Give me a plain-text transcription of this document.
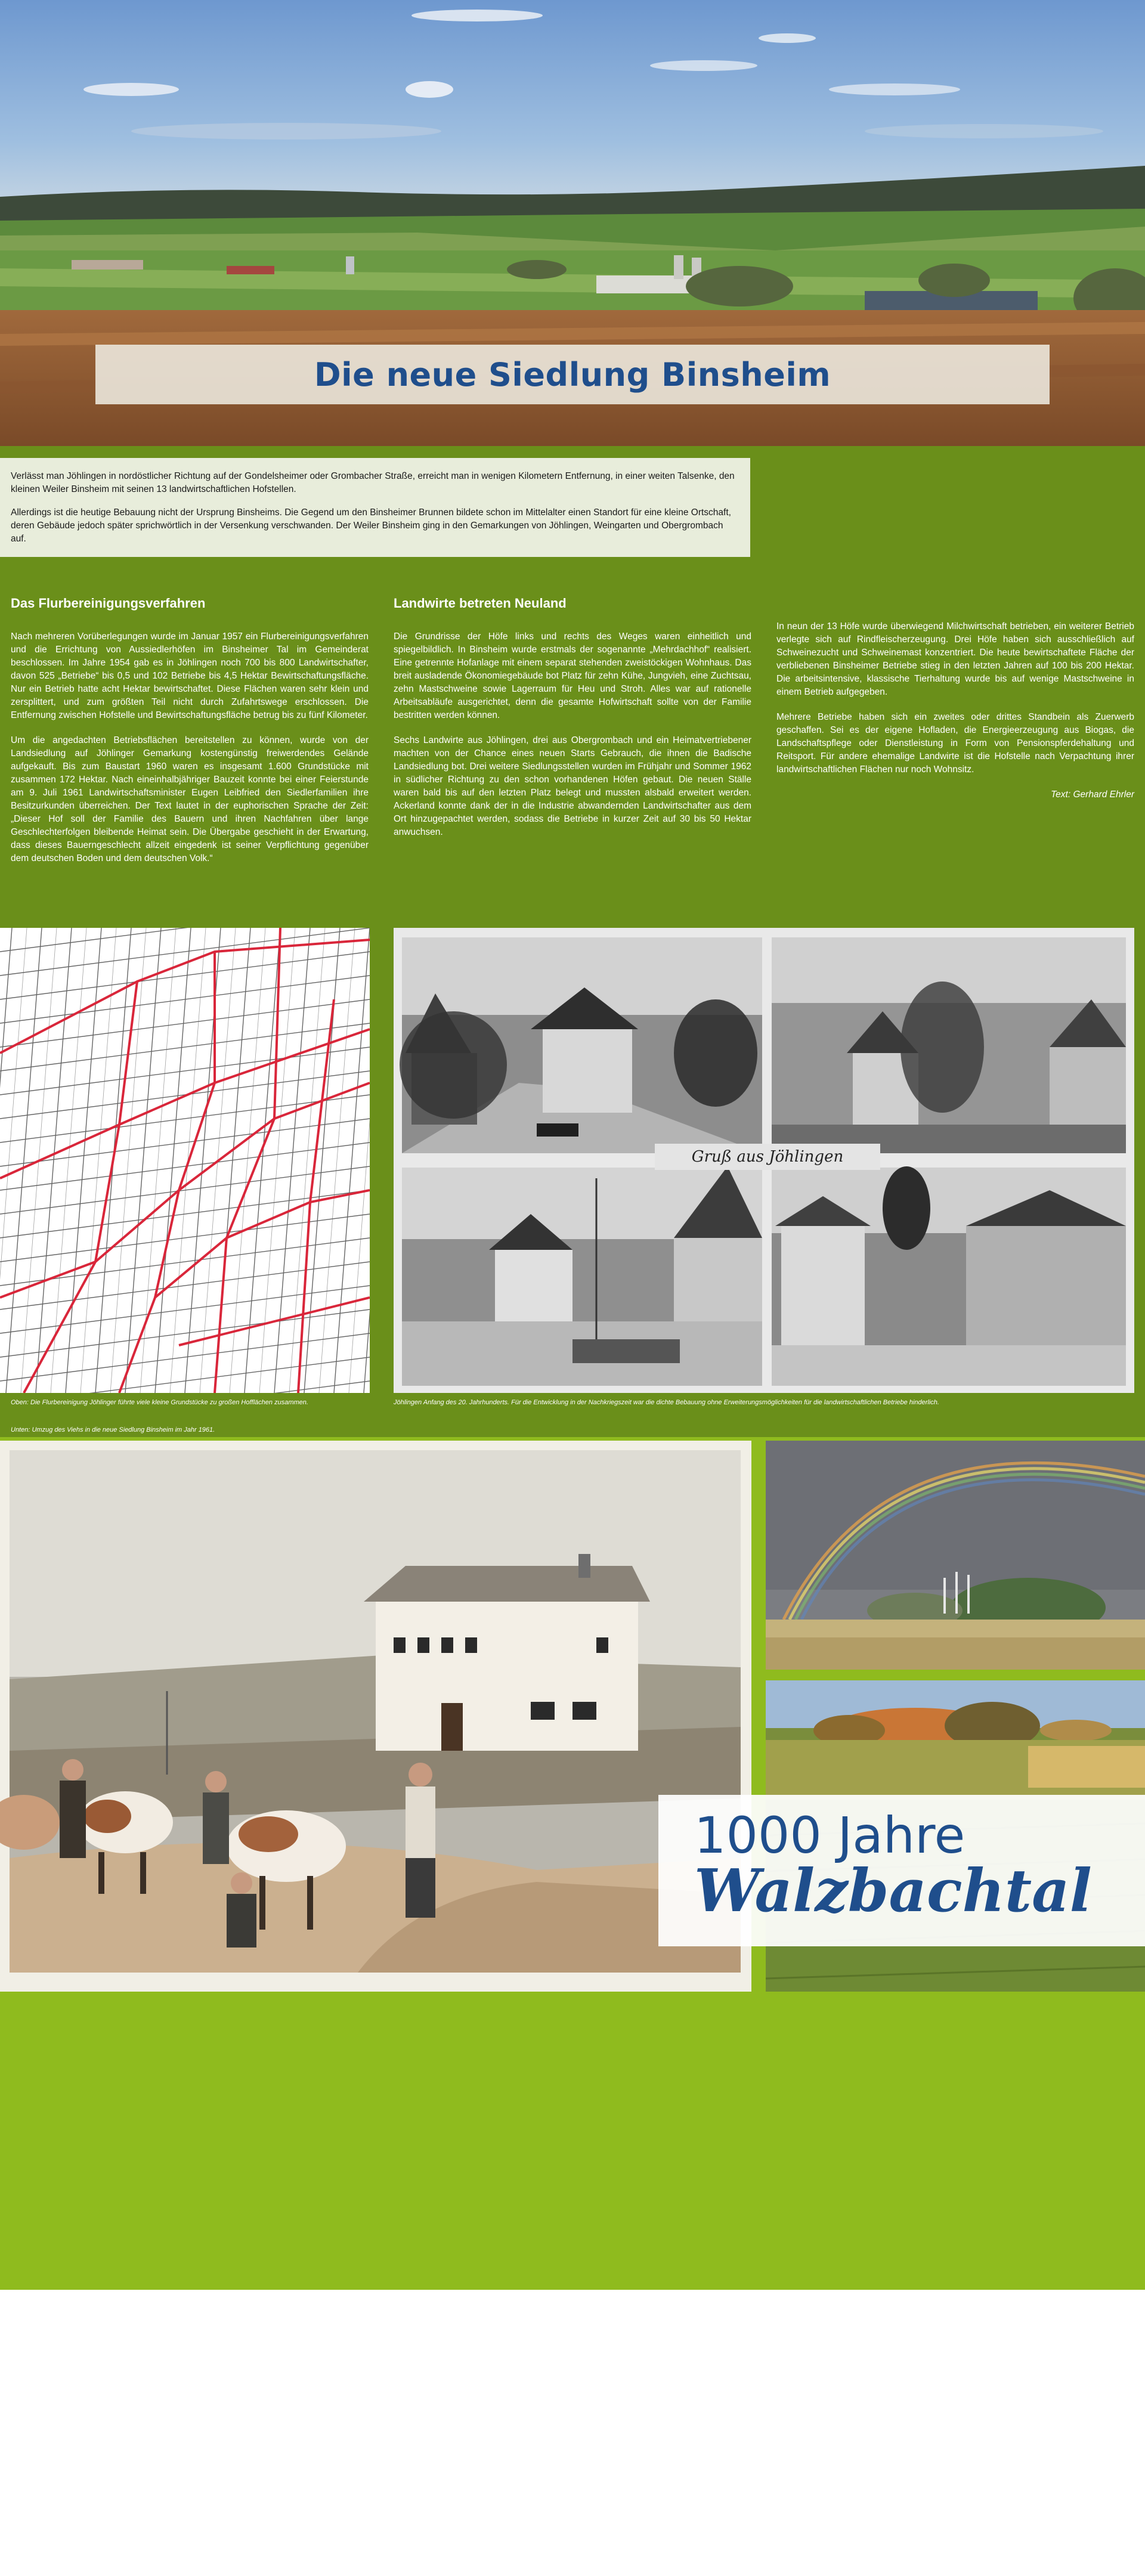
Die neue Siedlung Binsheim

Verlässt man Jöhlingen in nordöstlicher Richtung auf der Gondelsheimer oder Grombacher Straße, erreicht man in wenigen Kilometern Entfernung, in einer weiten Talsenke, den kleinen Weiler Binsheim mit seinen 13 landwirtschaftlichen Hofstellen.

Allerdings ist die heutige Bebauung nicht der Ursprung Binsheims. Die Gegend um den Binsheimer Brunnen bildete schon im Mittelalter einen Standort für eine kleine Ortschaft, deren Gebäude jedoch später sprichwörtlich in der Versenkung verschwanden. Der Weiler Binsheim ging in den Gemarkungen von Jöhlingen, Weingarten und Obergrombach auf.

Das Flurbereinigungsverfahren

Nach mehreren Vorüberlegungen wurde im Januar 1957 ein Flurbereinigungsverfahren und die Errichtung von Aussiedlerhöfen im Binsheimer Tal im Gemeinderat beschlossen. Im Jahre 1954 gab es in Jöhlingen noch 700 bis 800 Landwirtschafter, davon 525 „Betriebe“ bis 0,5 und 102 Betriebe bis 4,5 Hektar Bewirtschaftungsfläche. Nur ein Betrieb hatte acht Hektar bewirtschaftet. Diese Flächen waren sehr klein und zersplittert, und zum größten Teil nicht durch Zufahrtswege erschlossen. Die Entfernung zwischen Hofstelle und Bewirtschaftungsfläche betrug bis zu fünf Kilometer.

Um die angedachten Betriebsflächen bereitstellen zu können, wurde von der Landsiedlung auf Jöhlinger Gemarkung kostengünstig freiwerdendes Gelände aufgekauft. Bis zum Baustart 1960 waren es insgesamt 1.600 Grundstücke mit zusammen 172 Hektar. Nach eineinhalbjähriger Bauzeit konnte bei einer Feierstunde am 9. Juli 1961 Landwirtschaftsminister Eugen Leibfried den Siedlerfamilien ihre Besitzurkunden überreichen. Der Text lautet in der euphorischen Sprache der Zeit: „Dieser Hof soll der Familie des Bauern und ihren Nachfahren über lange Geschlechterfolgen bleibende Heimat sein. Die Übergabe geschieht in der Erwartung, dass dieses Bauerngeschlecht allzeit eingedenk ist seiner Verpflichtung gegenüber dem deutschen Boden und dem deutschen Volk.“

Landwirte betreten Neuland

Die Grundrisse der Höfe links und rechts des Weges waren einheitlich und spiegelbildlich. In Binsheim wurde erstmals der sogenannte „Mehrdachhof“ realisiert. Eine getrennte Hofanlage mit einem separat stehenden zweistöckigen Wohnhaus. Das breit ausladende Ökonomiegebäude bot Platz für zehn Kühe, Jungvieh, eine Zuchtsau, zehn Mastschweine sowie Lagerraum für Heu und Stroh. Alles war auf rationelle Arbeitsabläufe ausgerichtet, denn die gesamte Hofwirtschaft sollte von der Familie bestritten werden können.

Sechs Landwirte aus Jöhlingen, drei aus Obergrombach und ein Heimatvertriebener machten von der Chance eines neuen Starts Gebrauch, die ihnen die Badische Landsiedlung bot. Drei weitere Siedlungsstellen wurden im Frühjahr und Sommer 1962 in südlicher Richtung zu den schon vorhandenen Höfen gebaut. Die neuen Ställe waren bald bis auf den letzten Platz belegt und mussten alsbald erweitert werden. Ackerland konnte dank der in die Industrie abwandernden Landwirtschafter aus dem Ort hinzugepachtet werden, sodass die Betriebe in kurzer Zeit auf 30 bis 50 Hektar anwuchsen.

In neun der 13 Höfe wurde überwiegend Milchwirtschaft betrieben, ein weiterer Betrieb verlegte sich auf Rindfleischerzeugung. Drei Höfe haben sich ausschließlich auf Schweinezucht und Schweinemast konzentriert. Die heute bewirtschaftete Fläche der verbliebenen Binsheimer Betriebe stieg in den letzten Jahren auf 100 bis 200 Hektar. Die arbeitsintensive, klassische Tierhaltung wurde bis auf wenige Mastschweine in einem Betrieb aufgegeben.

Mehrere Betriebe haben sich ein zweites oder drittes Standbein als Zuerwerb geschaffen. Sei es der eigene Hofladen, die Energieerzeugung aus Biogas, die Landschaftspflege oder Dienstleistung in Form von Pensionspferdehaltung und Reitsport. Für andere ehemalige Landwirte ist die Hofstelle nach Verpachtung ihrer landwirtschaftlichen Flächen nur noch Wohnsitz.

Text: Gerhard Ehrler

Gruß aus Jöhlingen
Oben: Die Flurbereinigung Jöhlinger führte viele kleine Grundstücke zu großen Hofflächen zusammen.	Jöhlingen Anfang des 20. Jahrhunderts. Für die Entwicklung in der Nachkriegszeit war die dichte Bebauung ohne Erweiterungsmöglichkeiten für die landwirtschaftlichen Betriebe hinderlich.
Unten: Umzug des Viehs in die neue Siedlung Binsheim im Jahr 1961.
1000 Jahre
Walzbachtal
